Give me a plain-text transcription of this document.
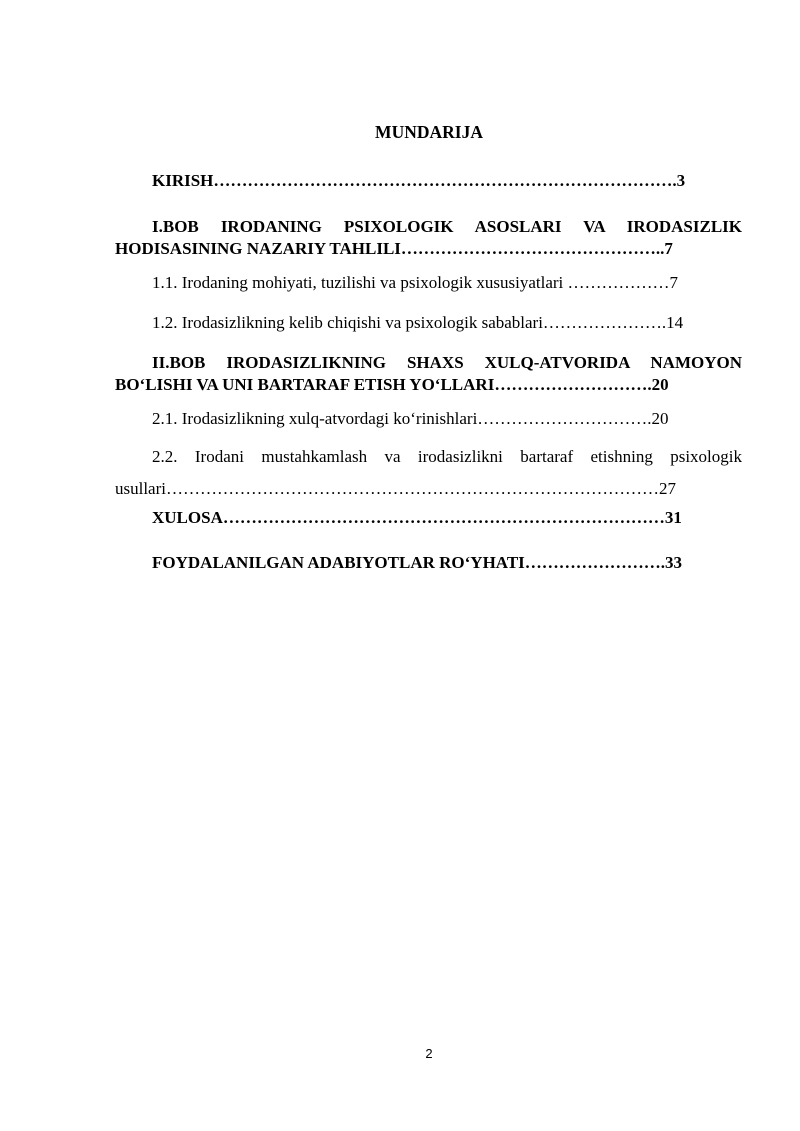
MUNDARIJA
KIRISH……………………………………………………………………….3
I.BOB IRODANING PSIXOLOGIK ASOSLARI VA IRODASIZLIK
HODISASINING NAZARIY TAHLILI………………………………………..7
1.1. Irodaning mohiyati, tuzilishi va psixologik xususiyatlari ………………7
1.2. Irodasizlikning kelib chiqishi va psixologik sabablari………………….14
II.BOB IRODASIZLIKNING SHAXS XULQ-ATVORIDA NAMOYON
BO‘LISHI VA UNI BARTARAF ETISH YO‘LLARI……………………….20
2.1. Irodasizlikning xulq-atvordagi ko‘rinishlari………………………….20
2.2. Irodani mustahkamlash va irodasizlikni bartaraf etishning psixologik
usullari……………………………………………………………………………27
XULOSA……………………………………………………………………31
FOYDALANILGAN ADABIYOTLAR RO‘YHATI…………………….33
2
